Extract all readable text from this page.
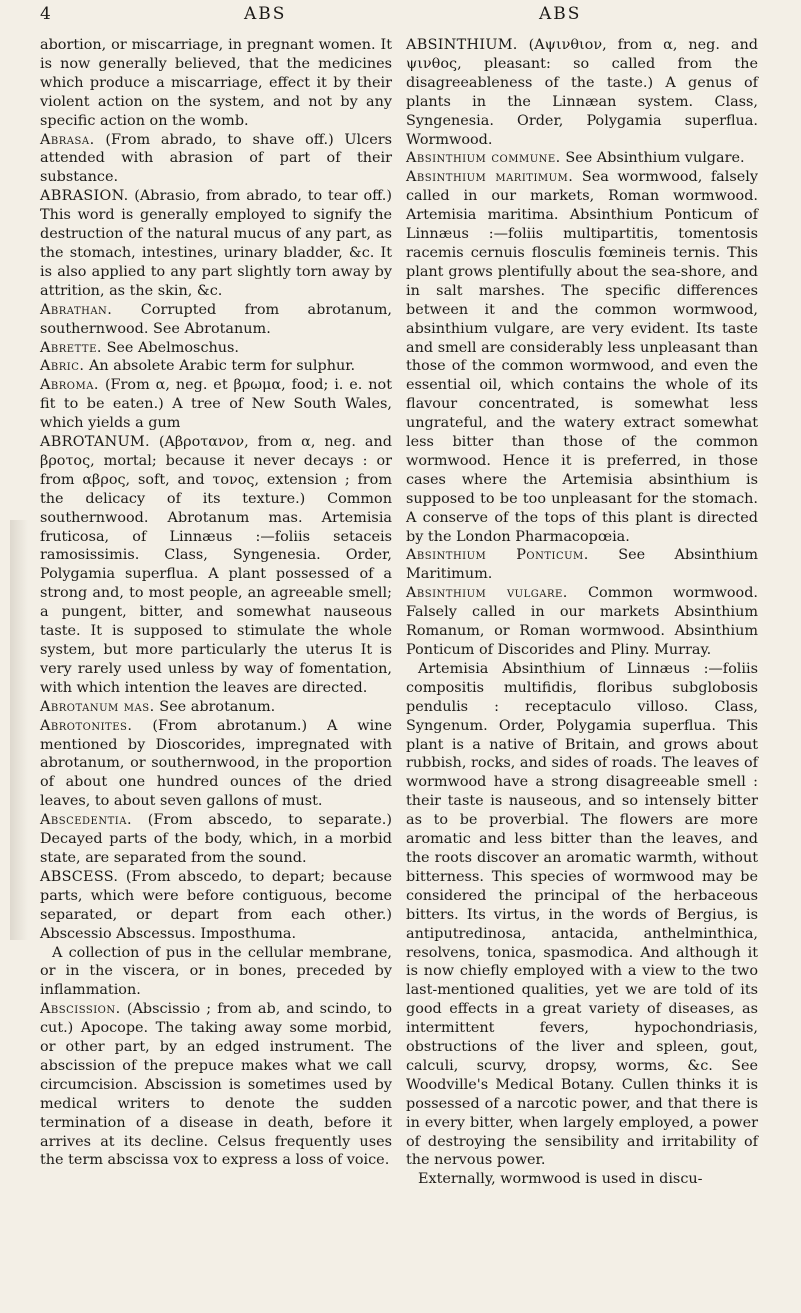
4	ABS	ABS

abortion, or miscarriage, in pregnant women. It is now generally believed, that the medicines which produce a miscarriage, effect it by their violent action on the system, and not by any specific action on the womb.

Abrasa. (From abrado, to shave off.) Ulcers attended with abrasion of part of their substance.

ABRASION. (Abrasio, from abrado, to tear off.) This word is generally employed to signify the destruction of the natural mucus of any part, as the stomach, intestines, urinary bladder, &c. It is also applied to any part slightly torn away by attrition, as the skin, &c.

Abrathan. Corrupted from abrotanum, southernwood. See Abrotanum.

Abrette. See Abelmoschus.

Abric. An absolete Arabic term for sulphur.

Abroma. (From α, neg. et βρωμα, food; i. e. not fit to be eaten.) A tree of New South Wales, which yields a gum

ABROTANUM. (Αβροτανον, from α, neg. and βροτος, mortal; because it never decays : or from αβρος, soft, and τονος, extension ; from the delicacy of its texture.) Common southernwood. Abrotanum mas. Artemisia fruticosa, of Linnæus :—foliis setaceis ramosissimis. Class, Syngenesia. Order, Polygamia superflua. A plant possessed of a strong and, to most people, an agreeable smell; a pungent, bitter, and somewhat nauseous taste. It is supposed to stimulate the whole system, but more particularly the uterus It is very rarely used unless by way of fomentation, with which intention the leaves are directed.

Abrotanum mas. See abrotanum.

Abrotonites. (From abrotanum.) A wine mentioned by Dioscorides, impregnated with abrotanum, or southernwood, in the proportion of about one hundred ounces of the dried leaves, to about seven gallons of must.

Abscedentia. (From abscedo, to separate.) Decayed parts of the body, which, in a morbid state, are separated from the sound.

ABSCESS. (From abscedo, to depart; because parts, which were before contiguous, become separated, or depart from each other.) Abscessio Abscessus. Imposthuma.

A collection of pus in the cellular membrane, or in the viscera, or in bones, preceded by inflammation.

Abscission. (Abscissio ; from ab, and scindo, to cut.) Apocope. The taking away some morbid, or other part, by an edged instrument. The abscission of the prepuce makes what we call circumcision. Abscission is sometimes used by medical writers to denote the sudden termination of a disease in death, before it arrives at its decline. Celsus frequently uses the term abscissa vox to express a loss of voice.

ABSINTHIUM. (Αψινθιον, from α, neg. and ψινθος, pleasant: so called from the disagreeableness of the taste.) A genus of plants in the Linnæan system. Class, Syngenesia. Order, Polygamia superflua. Wormwood.

Absinthium commune. See Absinthium vulgare.

Absinthium maritimum. Sea wormwood, falsely called in our markets, Roman wormwood. Artemisia maritima. Absinthium Ponticum of Linnæus :—foliis multipartitis, tomentosis racemis cernuis flosculis fœmineis ternis. This plant grows plentifully about the sea-shore, and in salt marshes. The specific differences between it and the common wormwood, absinthium vulgare, are very evident. Its taste and smell are considerably less unpleasant than those of the common wormwood, and even the essential oil, which contains the whole of its flavour concentrated, is somewhat less ungrateful, and the watery extract somewhat less bitter than those of the common wormwood. Hence it is preferred, in those cases where the Artemisia absinthium is supposed to be too unpleasant for the stomach. A conserve of the tops of this plant is directed by the London Pharmacopœia.

Absinthium Ponticum. See Absinthium Maritimum.

Absinthium vulgare. Common wormwood. Falsely called in our markets Absinthium Romanum, or Roman wormwood. Absinthium Ponticum of Discorides and Pliny. Murray.

Artemisia Absinthium of Linnæus :—foliis compositis multifidis, floribus subglobosis pendulis : receptaculo villoso. Class, Syngenum. Order, Polygamia superflua. This plant is a native of Britain, and grows about rubbish, rocks, and sides of roads. The leaves of wormwood have a strong disagreeable smell : their taste is nauseous, and so intensely bitter as to be proverbial. The flowers are more aromatic and less bitter than the leaves, and the roots discover an aromatic warmth, without bitterness. This species of wormwood may be considered the principal of the herbaceous bitters. Its virtus, in the words of Bergius, is antiputredinosa, antacida, anthelminthica, resolvens, tonica, spasmodica. And although it is now chiefly employed with a view to the two last-mentioned qualities, yet we are told of its good effects in a great variety of diseases, as intermittent fevers, hypochondriasis, obstructions of the liver and spleen, gout, calculi, scurvy, dropsy, worms, &c. See Woodville's Medical Botany. Cullen thinks it is possessed of a narcotic power, and that there is in every bitter, when largely employed, a power of destroying the sensibility and irritability of the nervous power.

Externally, wormwood is used in discu-
